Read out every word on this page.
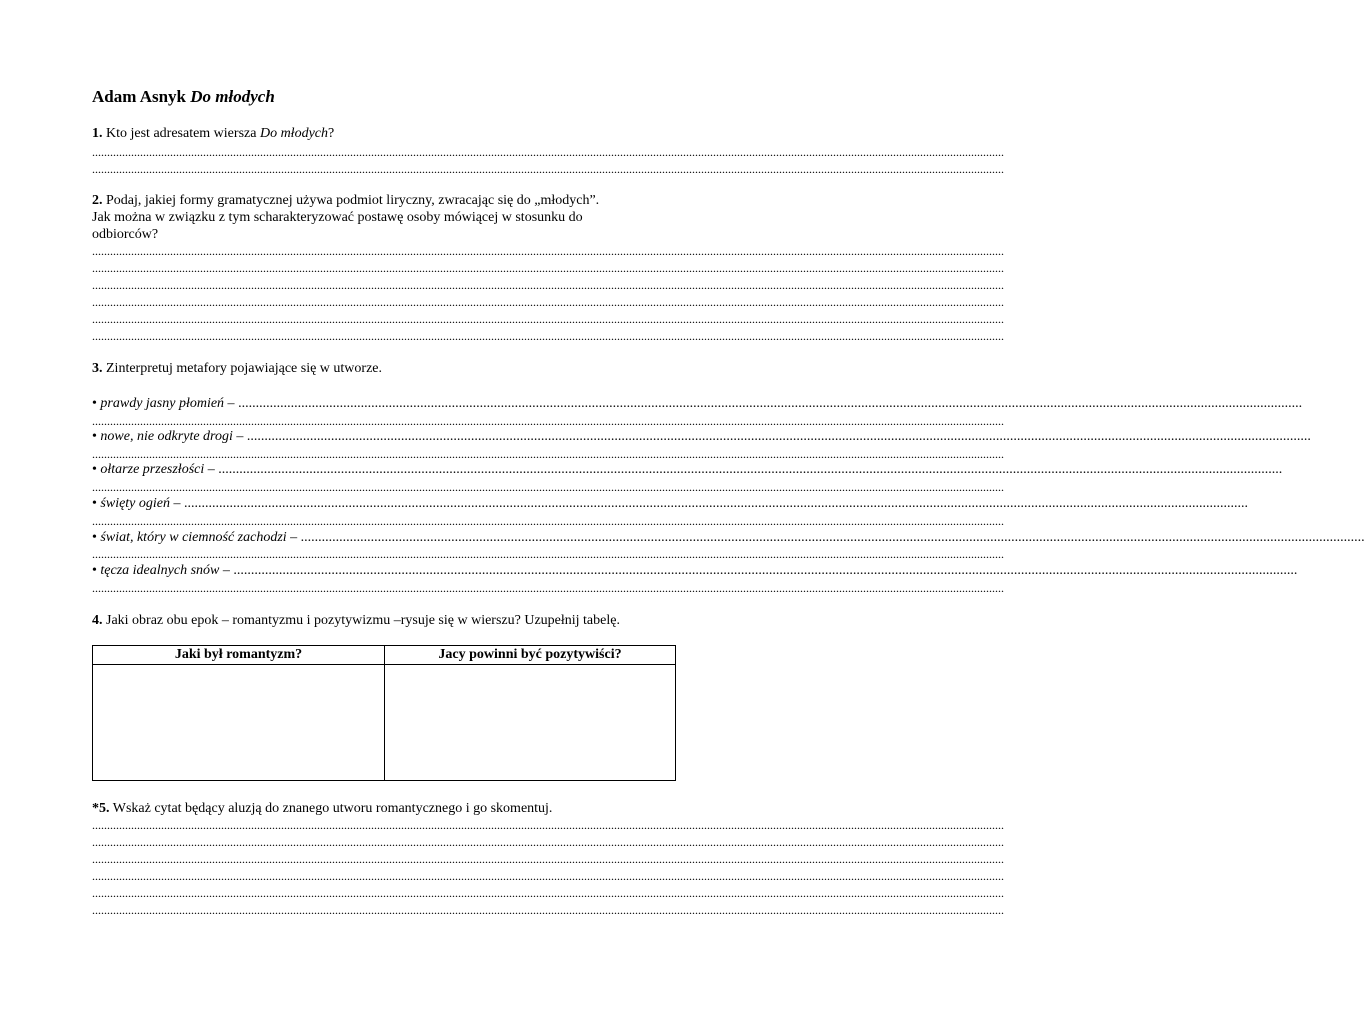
Adam Asnyk Do młodych
1. Kto jest adresatem wiersza Do młodych?
................................................................................................................................................................................................................................................................................................................
................................................................................................................................................................................................................................................................................................................
2. Podaj, jakiej formy gramatycznej używa podmiot liryczny, zwracając się do „młodych”.
Jak można w związku z tym scharakteryzować postawę osoby mówiącej w stosunku do
odbiorców?
................................................................................................................................................................................................................................................................................................................
................................................................................................................................................................................................................................................................................................................
................................................................................................................................................................................................................................................................................................................
................................................................................................................................................................................................................................................................................................................
................................................................................................................................................................................................................................................................................................................
................................................................................................................................................................................................................................................................................................................
3. Zinterpretuj metafory pojawiające się w utworze.
• prawdy jasny płomień – ................................................................................................................................................................................................................................................................................................................
................................................................................................................................................................................................................................................................................................................
• nowe, nie odkryte drogi – ................................................................................................................................................................................................................................................................................................................
................................................................................................................................................................................................................................................................................................................
• ołtarze przeszłości – ................................................................................................................................................................................................................................................................................................................
................................................................................................................................................................................................................................................................................................................
• święty ogień – ................................................................................................................................................................................................................................................................................................................
................................................................................................................................................................................................................................................................................................................
• świat, który w ciemność zachodzi – ................................................................................................................................................................................................................................................................................................................
................................................................................................................................................................................................................................................................................................................
• tęcza idealnych snów – ................................................................................................................................................................................................................................................................................................................
................................................................................................................................................................................................................................................................................................................
4. Jaki obraz obu epok – romantyzmu i pozytywizmu –rysuje się w wierszu? Uzupełnij tabelę.
Jaki był romantyzm?	Jacy powinni być pozytywiści?
*5. Wskaż cytat będący aluzją do znanego utworu romantycznego i go skomentuj.
................................................................................................................................................................................................................................................................................................................
................................................................................................................................................................................................................................................................................................................
................................................................................................................................................................................................................................................................................................................
................................................................................................................................................................................................................................................................................................................
................................................................................................................................................................................................................................................................................................................
................................................................................................................................................................................................................................................................................................................
